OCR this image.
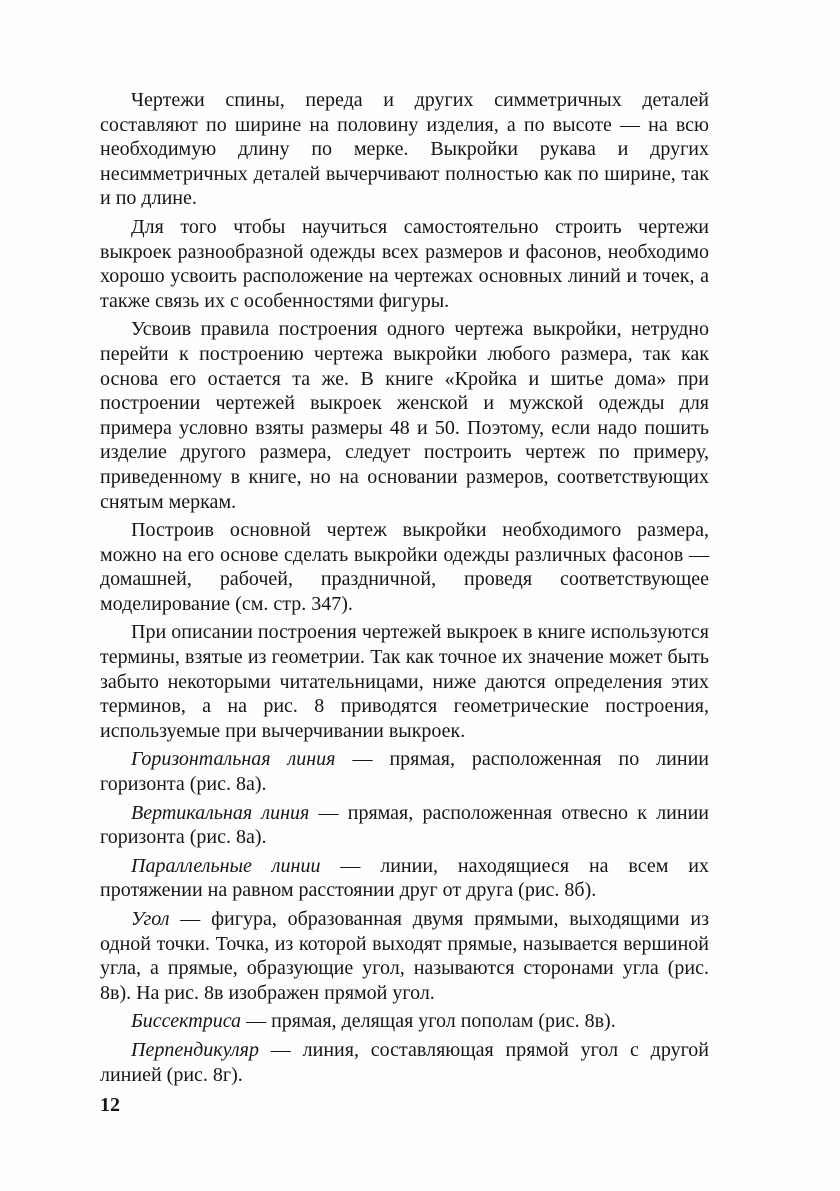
Чертежи спины, переда и других симметричных деталей составляют по ширине на половину изделия, а по высоте — на всю необходимую длину по мерке. Выкройки рукава и других несимметричных деталей вычерчивают полностью как по ширине, так и по длине.

Для того чтобы научиться самостоятельно строить чертежи выкроек разнообразной одежды всех размеров и фасонов, необходимо хорошо усвоить расположение на чертежах основных линий и точек, а также связь их с особенностями фигуры.

Усвоив правила построения одного чертежа выкройки, нетрудно перейти к построению чертежа выкройки любого размера, так как основа его остается та же. В книге «Кройка и шитье дома» при построении чертежей выкроек женской и мужской одежды для примера условно взяты размеры 48 и 50. Поэтому, если надо пошить изделие другого размера, следует построить чертеж по примеру, приведенному в книге, но на основании размеров, соответствующих снятым меркам.

Построив основной чертеж выкройки необходимого размера, можно на его основе сделать выкройки одежды различных фасонов — домашней, рабочей, праздничной, проведя соответствующее моделирование (см. стр. 347).

При описании построения чертежей выкроек в книге используются термины, взятые из геометрии. Так как точное их значение может быть забыто некоторыми читательницами, ниже даются определения этих терминов, а на рис. 8 приводятся геометрические построения, используемые при вычерчивании выкроек.

Горизонтальная линия — прямая, расположенная по линии горизонта (рис. 8а).

Вертикальная линия — прямая, расположенная отвесно к линии горизонта (рис. 8а).

Параллельные линии — линии, находящиеся на всем их протяжении на равном расстоянии друг от друга (рис. 8б).

Угол — фигура, образованная двумя прямыми, выходящими из одной точки. Точка, из которой выходят прямые, называется вершиной угла, а прямые, образующие угол, называются сторонами угла (рис. 8в). На рис. 8в изображен прямой угол.

Биссектриса — прямая, делящая угол пополам (рис. 8в).

Перпендикуляр — линия, составляющая прямой угол с другой линией (рис. 8г).

12
